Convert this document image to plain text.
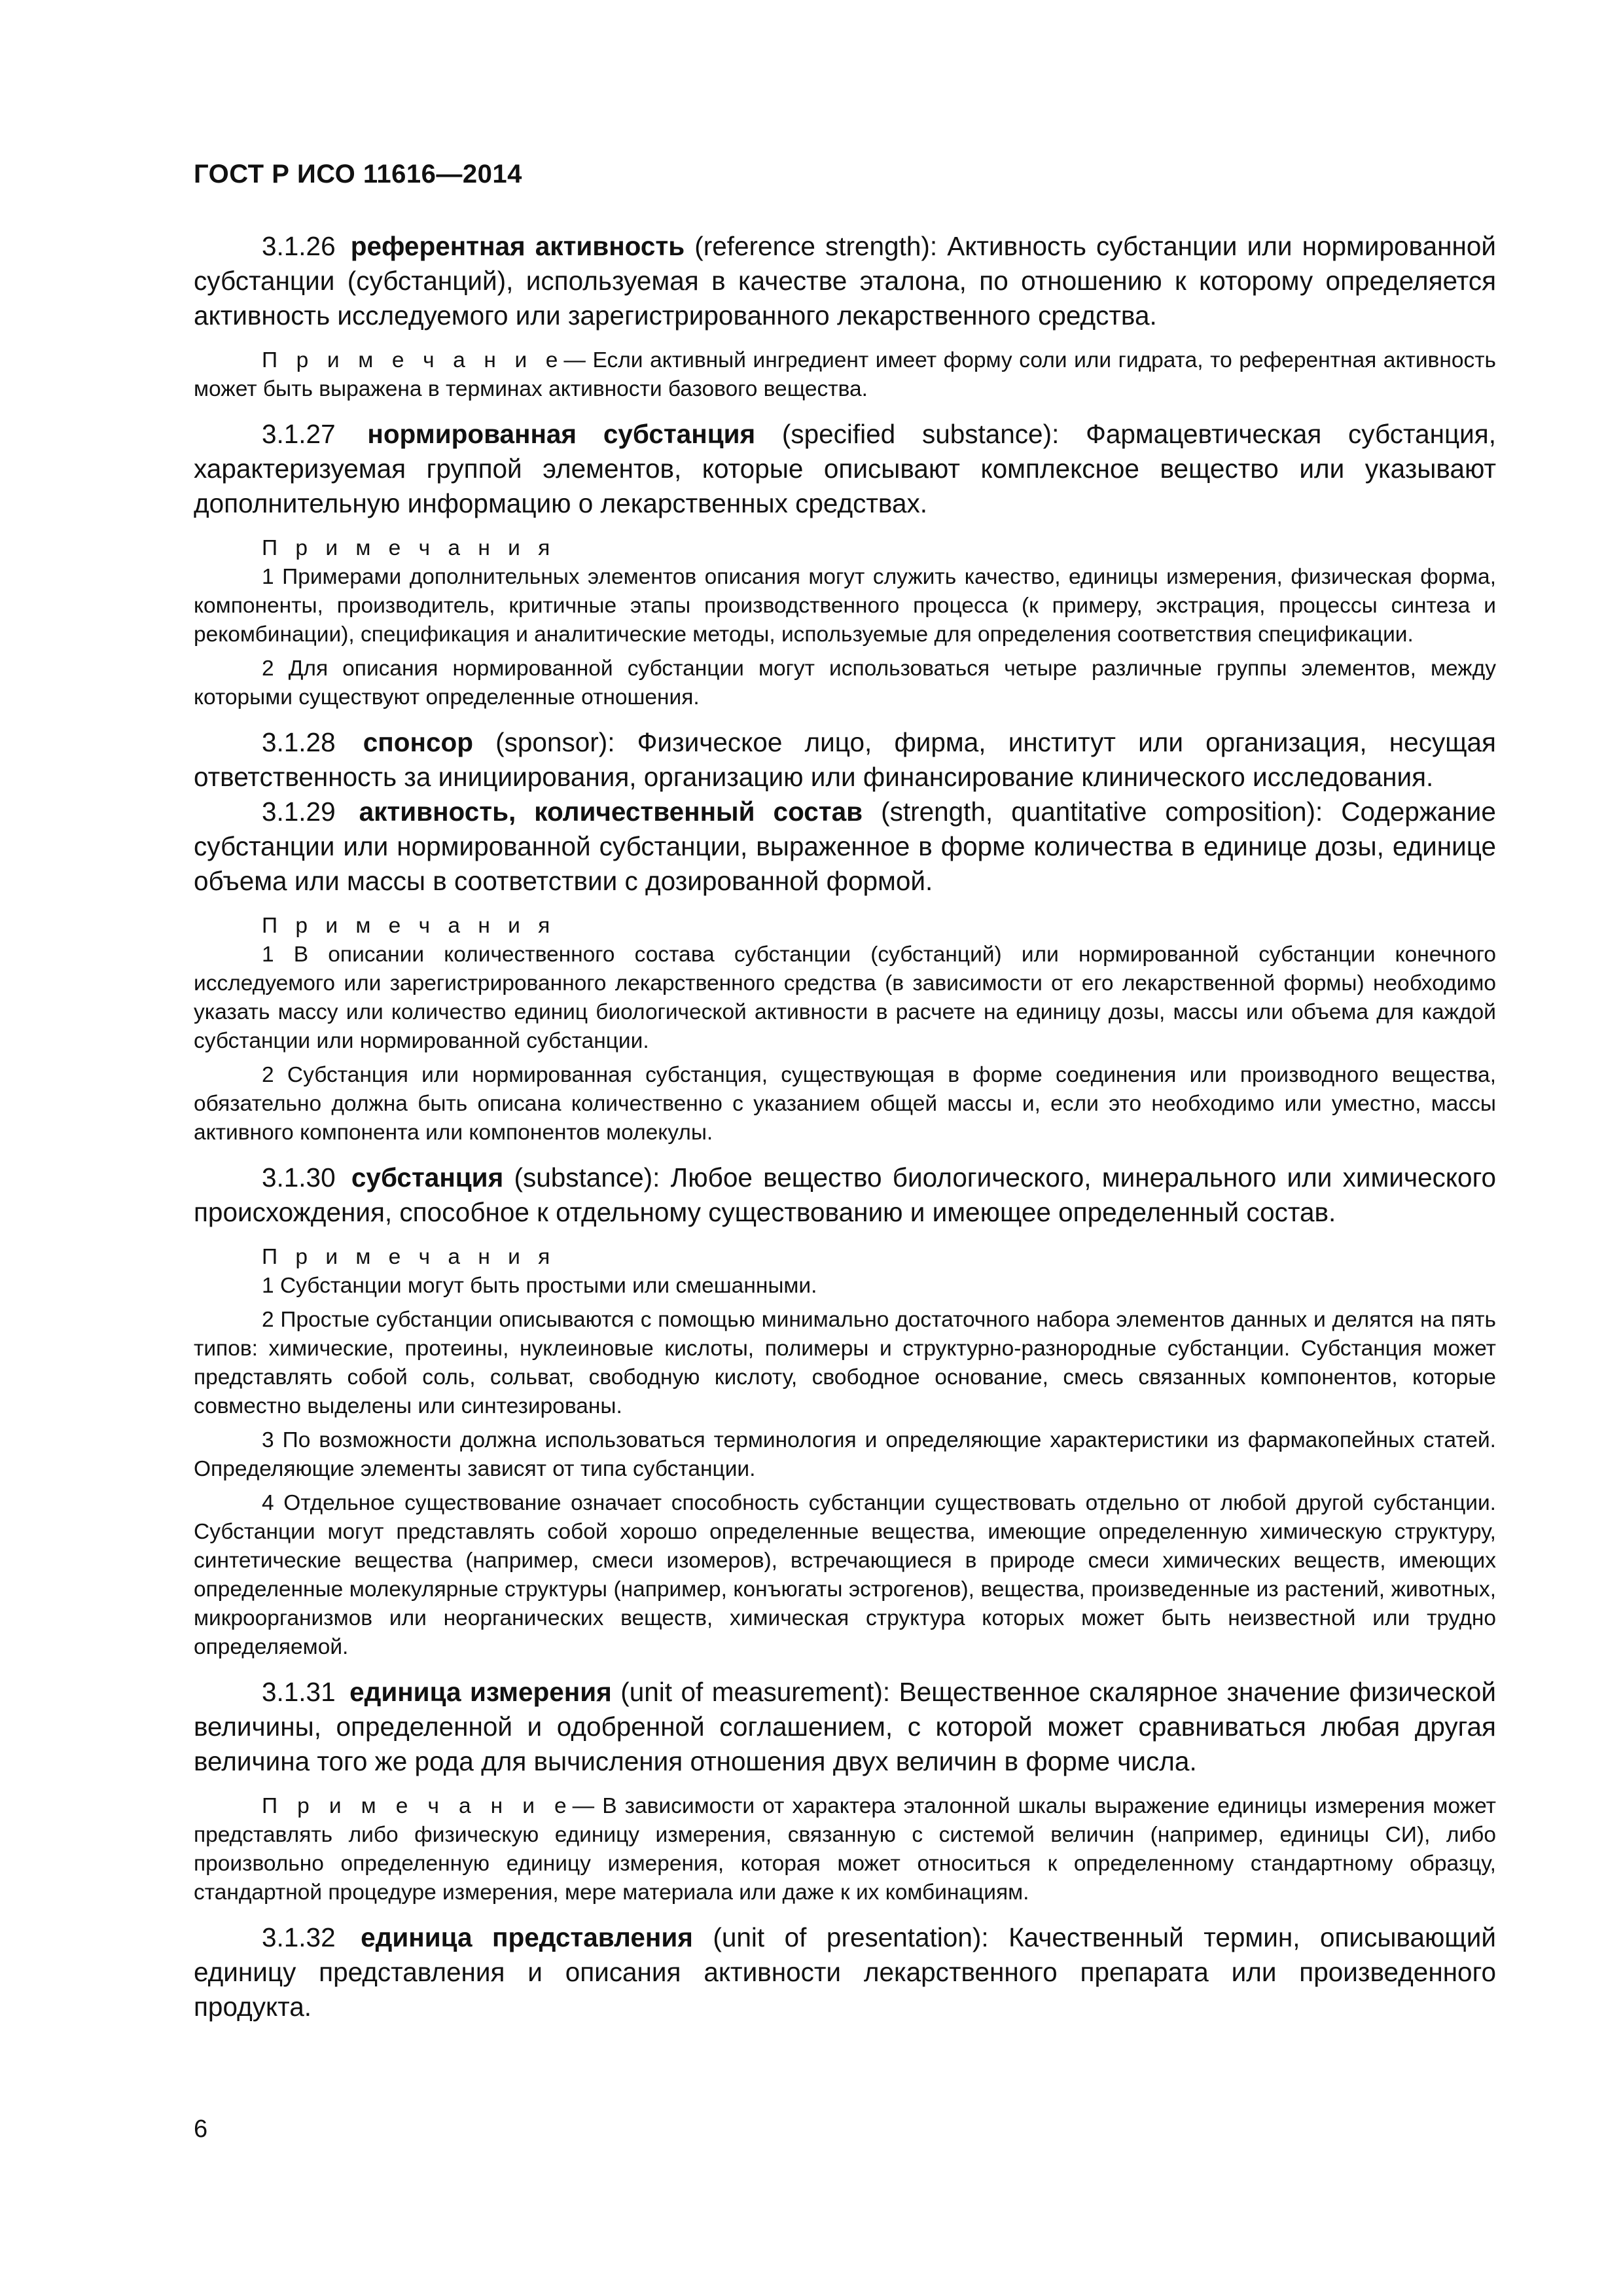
ГОСТ Р ИСО 11616—2014

3.1.26 референтная активность (reference strength): Активность субстанции или нормированной субстанции (субстанций), используемая в качестве эталона, по отношению к которому определяется активность исследуемого или зарегистрированного лекарственного средства.

П р и м е ч а н и е— Если активный ингредиент имеет форму соли или гидрата, то референтная активность может быть выражена в терминах активности базового вещества.

3.1.27 нормированная субстанция (specified substance): Фармацевтическая субстанция, характеризуемая группой элементов, которые описывают комплексное вещество или указывают дополнительную информацию о лекарственных средствах.

П р и м е ч а н и я

1 Примерами дополнительных элементов описания могут служить качество, единицы измерения, физическая форма, компоненты, производитель, критичные этапы производственного процесса (к примеру, экстрация, процессы синтеза и рекомбинации), спецификация и аналитические методы, используемые для определения соответствия спецификации.

2 Для описания нормированной субстанции могут использоваться четыре различные группы элементов, между которыми существуют определенные отношения.

3.1.28 спонсор (sponsor): Физическое лицо, фирма, институт или организация, несущая ответственность за инициирования, организацию или финансирование клинического исследования.

3.1.29 активность, количественный состав (strength, quantitative composition): Содержание субстанции или нормированной субстанции, выраженное в форме количества в единице дозы, единице объема или массы в соответствии с дозированной формой.

П р и м е ч а н и я

1 В описании количественного состава субстанции (субстанций) или нормированной субстанции конечного исследуемого или зарегистрированного лекарственного средства (в зависимости от его лекарственной формы) необходимо указать массу или количество единиц биологической активности в расчете на единицу дозы, массы или объема для каждой субстанции или нормированной субстанции.

2 Субстанция или нормированная субстанция, существующая в форме соединения или производного вещества, обязательно должна быть описана количественно с указанием общей массы и, если это необходимо или уместно, массы активного компонента или компонентов молекулы.

3.1.30 субстанция (substance): Любое вещество биологического, минерального или химического происхождения, способное к отдельному существованию и имеющее определенный состав.

П р и м е ч а н и я

1 Субстанции могут быть простыми или смешанными.

2 Простые субстанции описываются с помощью минимально достаточного набора элементов данных и делятся на пять типов: химические, протеины, нуклеиновые кислоты, полимеры и структурно-разнородные субстанции. Субстанция может представлять собой соль, сольват, свободную кислоту, свободное основание, смесь связанных компонентов, которые совместно выделены или синтезированы.

3 По возможности должна использоваться терминология и определяющие характеристики из фармакопейных статей. Определяющие элементы зависят от типа субстанции.

4 Отдельное существование означает способность субстанции существовать отдельно от любой другой субстанции. Субстанции могут представлять собой хорошо определенные вещества, имеющие определенную химическую структуру, синтетические вещества (например, смеси изомеров), встречающиеся в природе смеси химических веществ, имеющих определенные молекулярные структуры (например, конъюгаты эстрогенов), вещества, произведенные из растений, животных, микроорганизмов или неорганических веществ, химическая структура которых может быть неизвестной или трудно определяемой.

3.1.31 единица измерения (unit of measurement): Вещественное скалярное значение физической величины, определенной и одобренной соглашением, с которой может сравниваться любая другая величина того же рода для вычисления отношения двух величин в форме числа.

П р и м е ч а н и е— В зависимости от характера эталонной шкалы выражение единицы измерения может представлять либо физическую единицу измерения, связанную с системой величин (например, единицы СИ), либо произвольно определенную единицу измерения, которая может относиться к определенному стандартному образцу, стандартной процедуре измерения, мере материала или даже к их комбинациям.

3.1.32 единица представления (unit of presentation): Качественный термин, описывающий единицу представления и описания активности лекарственного препарата или произведенного продукта.

6
